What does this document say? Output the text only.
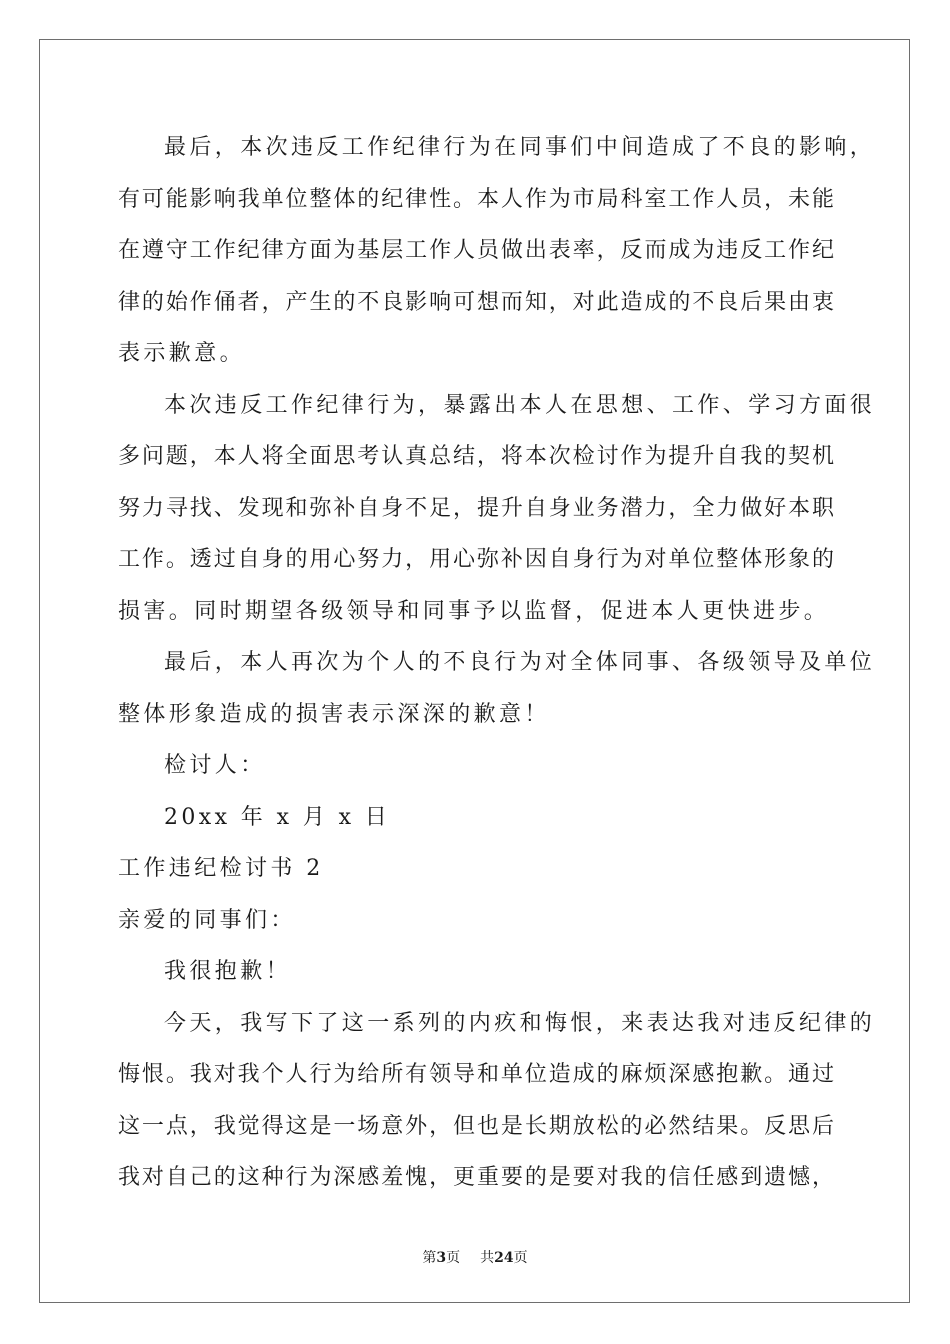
最后，本次违反工作纪律行为在同事们中间造成了不良的影响，
有可能影响我单位整体的纪律性。本人作为市局科室工作人员，未能
在遵守工作纪律方面为基层工作人员做出表率，反而成为违反工作纪
律的始作俑者，产生的不良影响可想而知，对此造成的不良后果由衷
表示歉意。
本次违反工作纪律行为，暴露出本人在思想、工作、学习方面很
多问题，本人将全面思考认真总结，将本次检讨作为提升自我的契机
努力寻找、发现和弥补自身不足，提升自身业务潜力，全力做好本职
工作。透过自身的用心努力，用心弥补因自身行为对单位整体形象的
损害。同时期望各级领导和同事予以监督，促进本人更快进步。
最后，本人再次为个人的不良行为对全体同事、各级领导及单位
整体形象造成的损害表示深深的歉意！
检讨人：
20xx 年 x 月 x 日
工作违纪检讨书 2
亲爱的同事们：
我很抱歉！
今天，我写下了这一系列的内疚和悔恨，来表达我对违反纪律的
悔恨。我对我个人行为给所有领导和单位造成的麻烦深感抱歉。通过
这一点，我觉得这是一场意外，但也是长期放松的必然结果。反思后
我对自己的这种行为深感羞愧，更重要的是要对我的信任感到遗憾，
第3页 共24页
